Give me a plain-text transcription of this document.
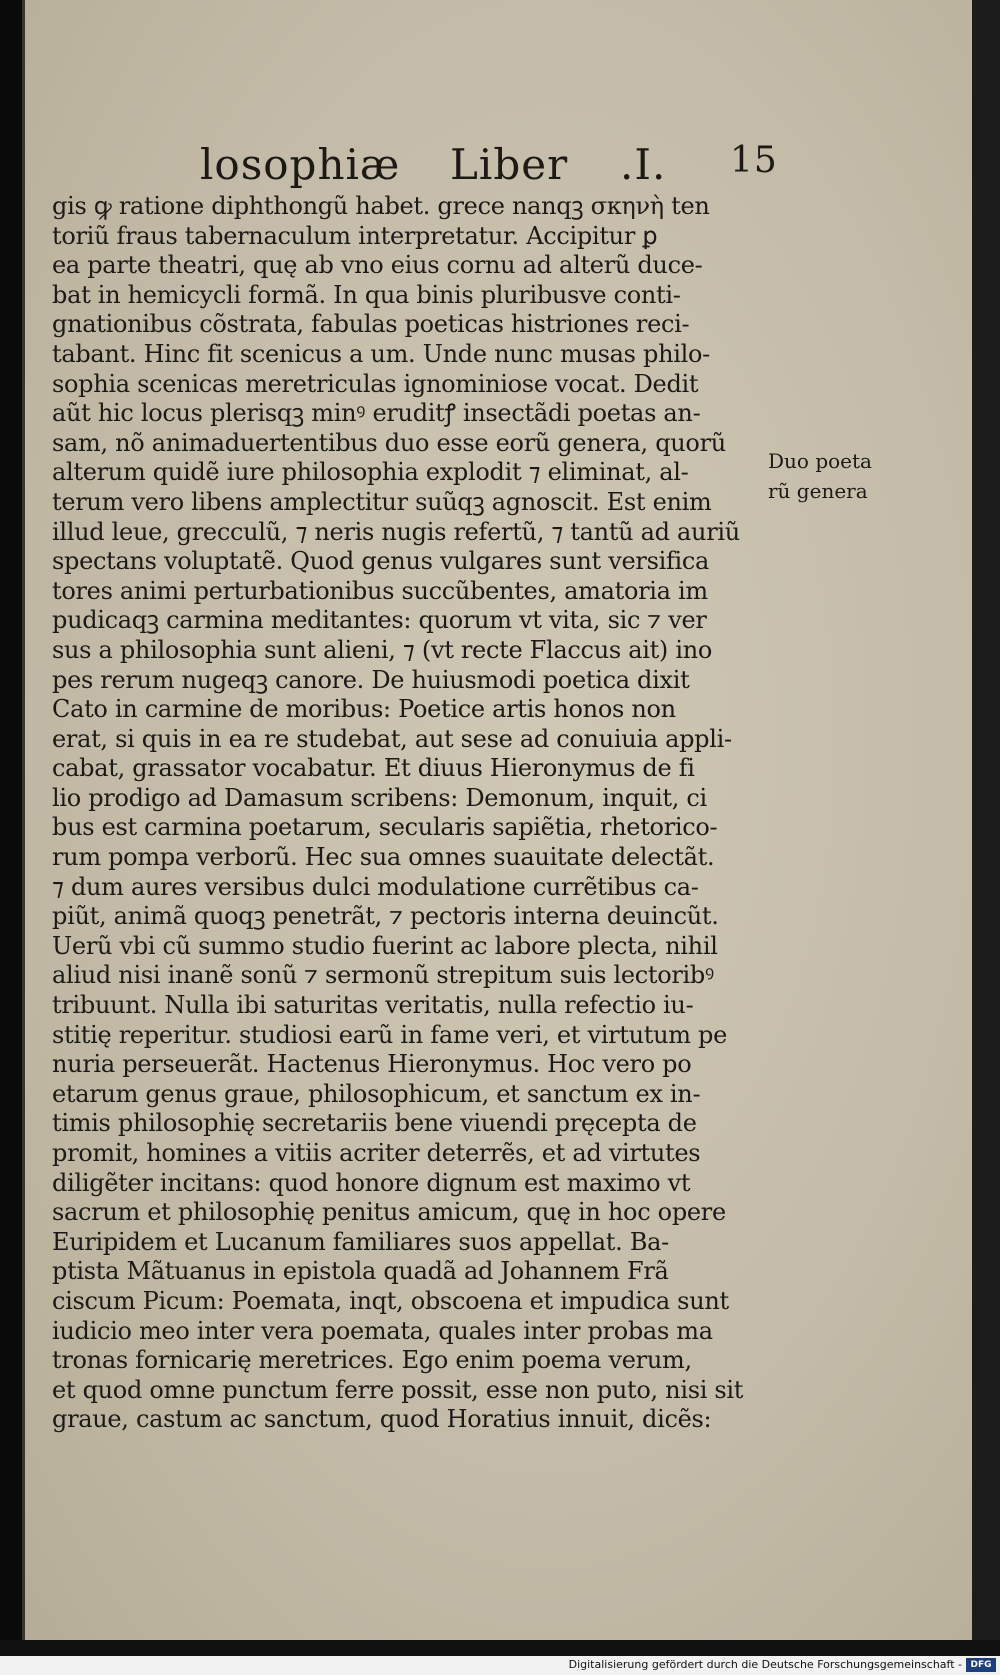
losophiæ Liber .I. 15
gis ꝙ ratione diphthongũ habet. grece nanqꝫ σκηνὴ ten
toriũ fraus tabernaculum interpretatur. Accipitur ꝑ
ea parte theatri, quę ab vno eius cornu ad alterũ duce-
bat in hemicycli formã. In qua binis pluribusve conti-
gnationibus cõstrata, fabulas poeticas histriones reci-
tabant. Hinc fit scenicus a um. Unde nunc musas philo-
sophia scenicas meretriculas ignominiose vocat. Dedit
aũt hic locus plerisqꝫ minꝰ eruditꝭ insectãdi poetas an-
sam, nõ animaduertentibus duo esse eorũ genera, quorũ
alterum quidẽ iure philosophia explodit ⁊ eliminat, al-
terum vero libens amplectitur suũqꝫ agnoscit. Est enim
illud leue, grecculũ, ⁊ neris nugis refertũ, ⁊ tantũ ad auriũ
spectans voluptatẽ. Quod genus vulgares sunt versifica
tores animi perturbationibus succũbentes, amatoria im
pudicaqꝫ carmina meditantes: quorum vt vita, sic ⁊ ver
sus a philosophia sunt alieni, ⁊ (vt recte Flaccus ait) ino
pes rerum nugeqꝫ canore. De huiusmodi poetica dixit
Cato in carmine de moribus: Poetice artis honos non
erat, si quis in ea re studebat, aut sese ad conuiuia appli-
cabat, grassator vocabatur. Et diuus Hieronymus de fi
lio prodigo ad Damasum scribens: Demonum, inquit, ci
bus est carmina poetarum, secularis sapiẽtia, rhetorico-
rum pompa verborũ. Hec sua omnes suauitate delectãt.
⁊ dum aures versibus dulci modulatione currẽtibus ca-
piũt, animã quoqꝫ penetrãt, ⁊ pectoris interna deuincũt.
Uerũ vbi cũ summo studio fuerint ac labore plecta, nihil
aliud nisi inanẽ sonũ ⁊ sermonũ strepitum suis lectoribꝰ
tribuunt. Nulla ibi saturitas veritatis, nulla refectio iu-
stitię reperitur. studiosi earũ in fame veri, et virtutum pe
nuria perseuerãt. Hactenus Hieronymus. Hoc vero po
etarum genus graue, philosophicum, et sanctum ex in-
timis philosophię secretariis bene viuendi pręcepta de
promit, homines a vitiis acriter deterrẽs, et ad virtutes
diligẽter incitans: quod honore dignum est maximo vt
sacrum et philosophię penitus amicum, quę in hoc opere
Euripidem et Lucanum familiares suos appellat. Ba-
ptista Mãtuanus in epistola quadã ad Johannem Frã
ciscum Picum: Poemata, inqt, obscoena et impudica sunt
iudicio meo inter vera poemata, quales inter probas ma
tronas fornicarię meretrices. Ego enim poema verum,
et quod omne punctum ferre possit, esse non puto, nisi sit
graue, castum ac sanctum, quod Horatius innuit, dicẽs:
Duo poeta
rũ genera
Digitalisierung gefördert durch die Deutsche Forschungsgemeinschaft - DFG
